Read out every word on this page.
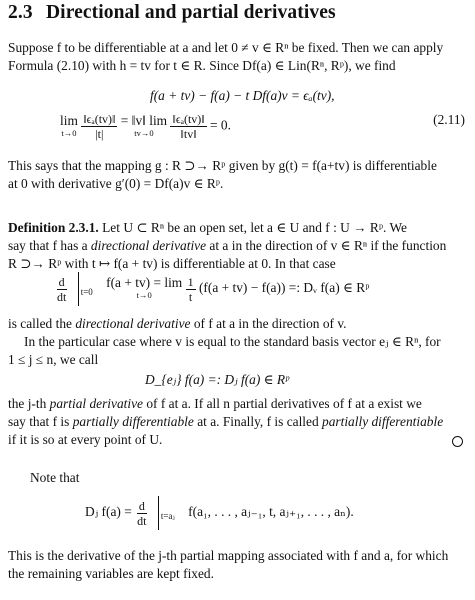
2.3 Directional and partial derivatives
Suppose f to be differentiable at a and let 0 ≠ v ∈ Rⁿ be fixed. Then we can apply
Formula (2.10) with h = tv for t ∈ R. Since Df(a) ∈ Lin(Rⁿ, Rᵖ), we find
f(a + tv) − f(a) − t Df(a)v = ϵₐ(tv),
lim
t→0
$\frac{\text{‖ϵₐ(tv)‖}}{|t|}$
= ‖v‖ lim
tv→0
$\frac{\text{‖ϵₐ(tv)‖}}{‖tv‖} = 0$.	(2.11)
This says that the mapping g : R ⊃→ Rᵖ given by g(t) = f(a+tv) is differentiable
at 0 with derivative g′(0) = Df(a)v ∈ Rᵖ.
Definition 2.3.1. Let U ⊂ Rⁿ be an open set, let a ∈ U and f : U → Rᵖ. We
say that f has a directional derivative at a in the direction of v ∈ Rⁿ if the function
R ⊃→ Rᵖ with t ↦ f(a + tv) is differentiable at 0. In that case
$\frac{d}{dt} _{t=0}$
f(a + tv) = lim
t→0
	$\frac{1}{t} (f(a + tv) - f(a))$ =: Dᵥ f(a) ∈ Rᵖ
is called the directional derivative of f at a in the direction of v.
In the particular case where v is equal to the standard basis vector eⱼ ∈ Rⁿ, for
1 ≤ j ≤ n, we call
D_{eⱼ} f(a) =: Dⱼ f(a) ∈ Rᵖ
the j-th partial derivative of f at a. If all n partial derivatives of f at a exist we
say that f is partially differentiable at a. Finally, f is called partially differentiable
if it is so at every point of U.
Note that
Dⱼ $f(a) = \frac{d}{dt} _{t=aⱼ}$ f(a₁, . . . , aⱼ₋₁, t, aⱼ₊₁, . . . , aₙ).
This is the derivative of the j-th partial mapping associated with f and a, for which
the remaining variables are kept fixed.
